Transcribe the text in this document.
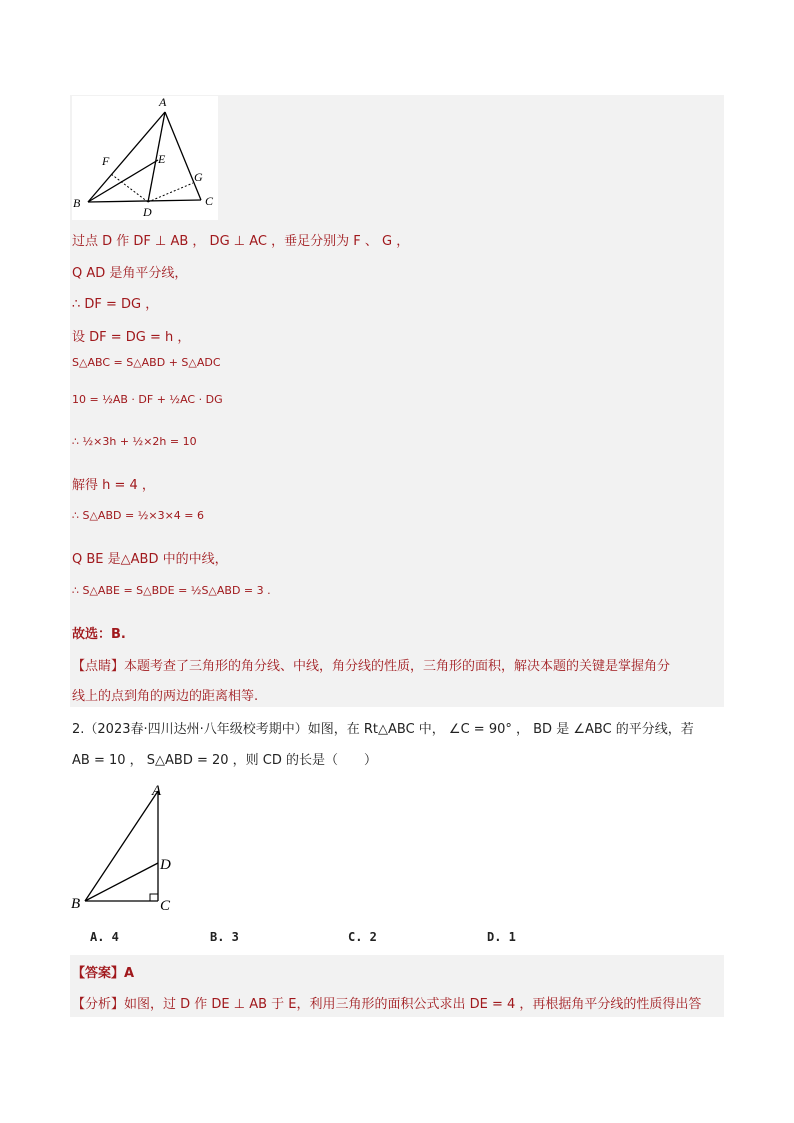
A
B	C
D
E
F
G
过点 D 作 DF ⊥ AB ， DG ⊥ AC ，垂足分别为 F 、 G ，
Q AD 是角平分线，
∴ DF = DG ，
设 DF = DG = h ，
S△ABC = S△ABD + S△ADC
10 = ½AB · DF + ½AC · DG
∴ ½×3h + ½×2h = 10
解得 h = 4 ，
∴ S△ABD = ½×3×4 = 6
Q BE 是△ABD 中的中线，
∴ S△ABE = S△BDE = ½S△ABD = 3 .
故选：B.
【点睛】本题考查了三角形的角分线、中线，角分线的性质，三角形的面积，解决本题的关键是掌握角分
线上的点到角的两边的距离相等.
2.（2023春·四川达州·八年级校考期中）如图，在 Rt△ABC 中， ∠C = 90° ， BD 是 ∠ABC 的平分线，若
AB = 10 ， S△ABD = 20 ，则 CD 的长是（　　）
A
B	C
D
A. 4	B. 3	C. 2	D. 1
【答案】A
【分析】如图，过 D 作 DE ⊥ AB 于 E，利用三角形的面积公式求出 DE = 4 ，再根据角平分线的性质得出答
